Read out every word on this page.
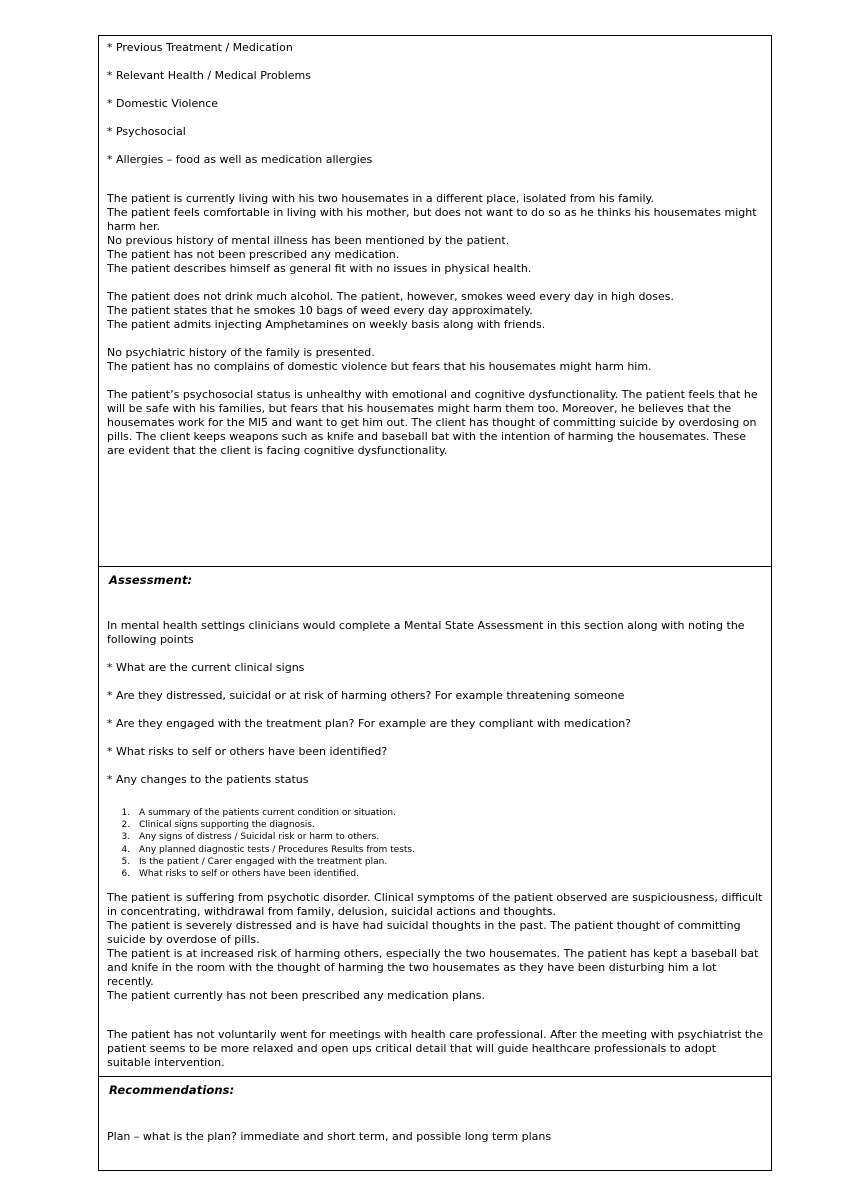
* Previous Treatment / Medication
* Relevant Health / Medical Problems
* Domestic Violence
* Psychosocial
* Allergies – food as well as medication allergies
The patient is currently living with his two housemates in a different place, isolated from his family.
The patient feels comfortable in living with his mother, but does not want to do so as he thinks his housemates might harm her.
No previous history of mental illness has been mentioned by the patient.
The patient has not been prescribed any medication.
The patient describes himself as general fit with no issues in physical health.
The patient does not drink much alcohol. The patient, however, smokes weed every day in high doses.
The patient states that he smokes 10 bags of weed every day approximately.
The patient admits injecting Amphetamines on weekly basis along with friends.
No psychiatric history of the family is presented.
The patient has no complains of domestic violence but fears that his housemates might harm him.
The patient’s psychosocial status is unhealthy with emotional and cognitive dysfunctionality. The patient feels that he will be safe with his families, but fears that his housemates might harm them too. Moreover, he believes that the housemates work for the MI5 and want to get him out. The client has thought of committing suicide by overdosing on pills. The client keeps weapons such as knife and baseball bat with the intention of harming the housemates. These are evident that the client is facing cognitive dysfunctionality.
Assessment:
In mental health settings clinicians would complete a Mental State Assessment in this section along with noting the following points
* What are the current clinical signs
* Are they distressed, suicidal or at risk of harming others? For example threatening someone
* Are they engaged with the treatment plan? For example are they compliant with medication?
* What risks to self or others have been identified?
* Any changes to the patients status
1. A summary of the patients current condition or situation.
2. Clinical signs supporting the diagnosis.
3. Any signs of distress / Suicidal risk or harm to others.
4. Any planned diagnostic tests / Procedures Results from tests.
5. Is the patient / Carer engaged with the treatment plan.
6. What risks to self or others have been identified.
The patient is suffering from psychotic disorder. Clinical symptoms of the patient observed are suspiciousness, difficult in concentrating, withdrawal from family, delusion, suicidal actions and thoughts.
The patient is severely distressed and is have had suicidal thoughts in the past. The patient thought of committing suicide by overdose of pills.
The patient is at increased risk of harming others, especially the two housemates. The patient has kept a baseball bat and knife in the room with the thought of harming the two housemates as they have been disturbing him a lot recently.
The patient currently has not been prescribed any medication plans.
The patient has not voluntarily went for meetings with health care professional. After the meeting with psychiatrist the patient seems to be more relaxed and open ups critical detail that will guide healthcare professionals to adopt suitable intervention.
Recommendations:
Plan – what is the plan? immediate and short term, and possible long term plans
